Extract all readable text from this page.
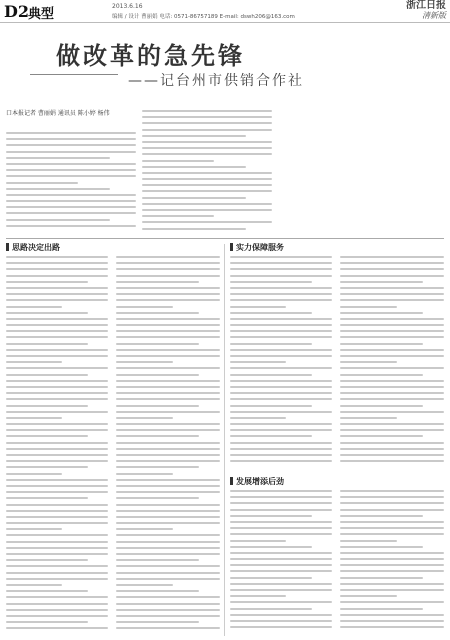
D2
典型
2013.6.16
编辑 / 设计 曹丽娟 电话: 0571-86757189 E-mail: dswh206@163.com
浙江日报
清新版
做改革的急先锋
——记台州市供销合作社
口本报记者 曹丽娟 通讯员 陈小婷 杨伟
思路决定出路	实力保障服务
发展增添后劲
